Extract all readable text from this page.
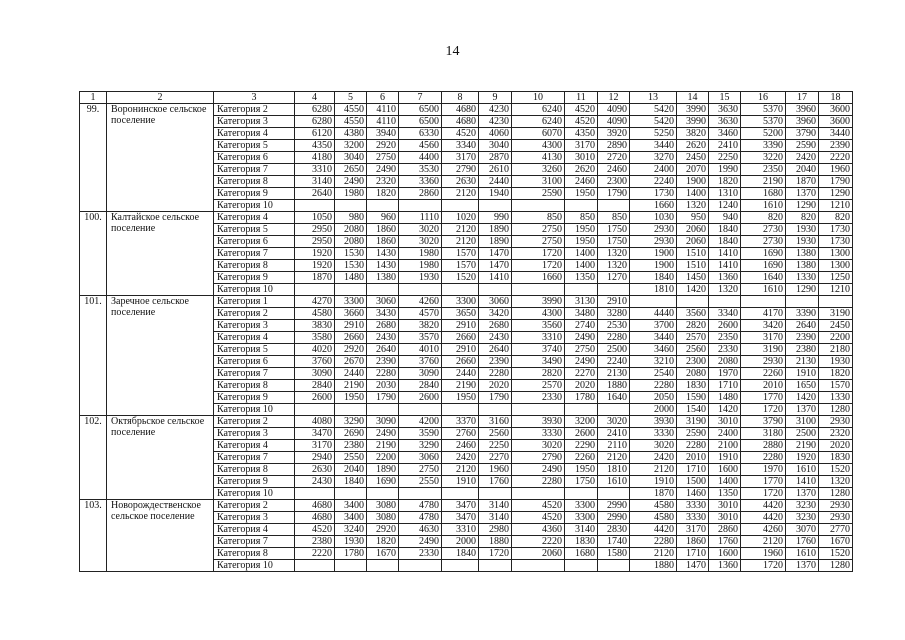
14
1	2	3	4	5	6	7	8	9	10	11	12	13	14	15	16	17	18
99.	Воронинское сельское поселение	Категория 2	6280	4550	4110	6500	4680	4230	6240	4520	4090	5420	3990	3630	5370	3960	3600
		Категория 3	6280	4550	4110	6500	4680	4230	6240	4520	4090	5420	3990	3630	5370	3960	3600
		Категория 4	6120	4380	3940	6330	4520	4060	6070	4350	3920	5250	3820	3460	5200	3790	3440
		Категория 5	4350	3200	2920	4560	3340	3040	4300	3170	2890	3440	2620	2410	3390	2590	2390
		Категория 6	4180	3040	2750	4400	3170	2870	4130	3010	2720	3270	2450	2250	3220	2420	2220
		Категория 7	3310	2650	2490	3530	2790	2610	3260	2620	2460	2400	2070	1990	2350	2040	1960
		Категория 8	3140	2490	2320	3360	2630	2440	3100	2460	2300	2240	1900	1820	2190	1870	1790
		Категория 9	2640	1980	1820	2860	2120	1940	2590	1950	1790	1730	1400	1310	1680	1370	1290
		Категория 10										1660	1320	1240	1610	1290	1210
100.	Калтайское сельское поселение	Категория 4	1050	980	960	1110	1020	990	850	850	850	1030	950	940	820	820	820
		Категория 5	2950	2080	1860	3020	2120	1890	2750	1950	1750	2930	2060	1840	2730	1930	1730
		Категория 6	2950	2080	1860	3020	2120	1890	2750	1950	1750	2930	2060	1840	2730	1930	1730
		Категория 7	1920	1530	1430	1980	1570	1470	1720	1400	1320	1900	1510	1410	1690	1380	1300
		Категория 8	1920	1530	1430	1980	1570	1470	1720	1400	1320	1900	1510	1410	1690	1380	1300
		Категория 9	1870	1480	1380	1930	1520	1410	1660	1350	1270	1840	1450	1360	1640	1330	1250
		Категория 10										1810	1420	1320	1610	1290	1210
101.	Заречное сельское поселение	Категория 1	4270	3300	3060	4260	3300	3060	3990	3130	2910						
		Категория 2	4580	3660	3430	4570	3650	3420	4300	3480	3280	4440	3560	3340	4170	3390	3190
		Категория 3	3830	2910	2680	3820	2910	2680	3560	2740	2530	3700	2820	2600	3420	2640	2450
		Категория 4	3580	2660	2430	3570	2660	2430	3310	2490	2280	3440	2570	2350	3170	2390	2200
		Категория 5	4020	2920	2640	4010	2910	2640	3740	2750	2500	3460	2560	2330	3190	2380	2180
		Категория 6	3760	2670	2390	3760	2660	2390	3490	2490	2240	3210	2300	2080	2930	2130	1930
		Категория 7	3090	2440	2280	3090	2440	2280	2820	2270	2130	2540	2080	1970	2260	1910	1820
		Категория 8	2840	2190	2030	2840	2190	2020	2570	2020	1880	2280	1830	1710	2010	1650	1570
		Категория 9	2600	1950	1790	2600	1950	1790	2330	1780	1640	2050	1590	1480	1770	1420	1330
		Категория 10										2000	1540	1420	1720	1370	1280
102.	Октябрьское сельское поселение	Категория 2	4080	3290	3090	4200	3370	3160	3930	3200	3020	3930	3190	3010	3790	3100	2930
		Категория 3	3470	2690	2490	3590	2760	2560	3330	2600	2410	3330	2590	2400	3180	2500	2320
		Категория 4	3170	2380	2190	3290	2460	2250	3020	2290	2110	3020	2280	2100	2880	2190	2020
		Категория 7	2940	2550	2200	3060	2420	2270	2790	2260	2120	2420	2010	1910	2280	1920	1830
		Категория 8	2630	2040	1890	2750	2120	1960	2490	1950	1810	2120	1710	1600	1970	1610	1520
		Категория 9	2430	1840	1690	2550	1910	1760	2280	1750	1610	1910	1500	1400	1770	1410	1320
		Категория 10										1870	1460	1350	1720	1370	1280
103.	Новорождественское сельское поселение	Категория 2	4680	3400	3080	4780	3470	3140	4520	3300	2990	4580	3330	3010	4420	3230	2930
		Категория 3	4680	3400	3080	4780	3470	3140	4520	3300	2990	4580	3330	3010	4420	3230	2930
		Категория 4	4520	3240	2920	4630	3310	2980	4360	3140	2830	4420	3170	2860	4260	3070	2770
		Категория 7	2380	1930	1820	2490	2000	1880	2220	1830	1740	2280	1860	1760	2120	1760	1670
		Категория 8	2220	1780	1670	2330	1840	1720	2060	1680	1580	2120	1710	1600	1960	1610	1520
		Категория 10										1880	1470	1360	1720	1370	1280
